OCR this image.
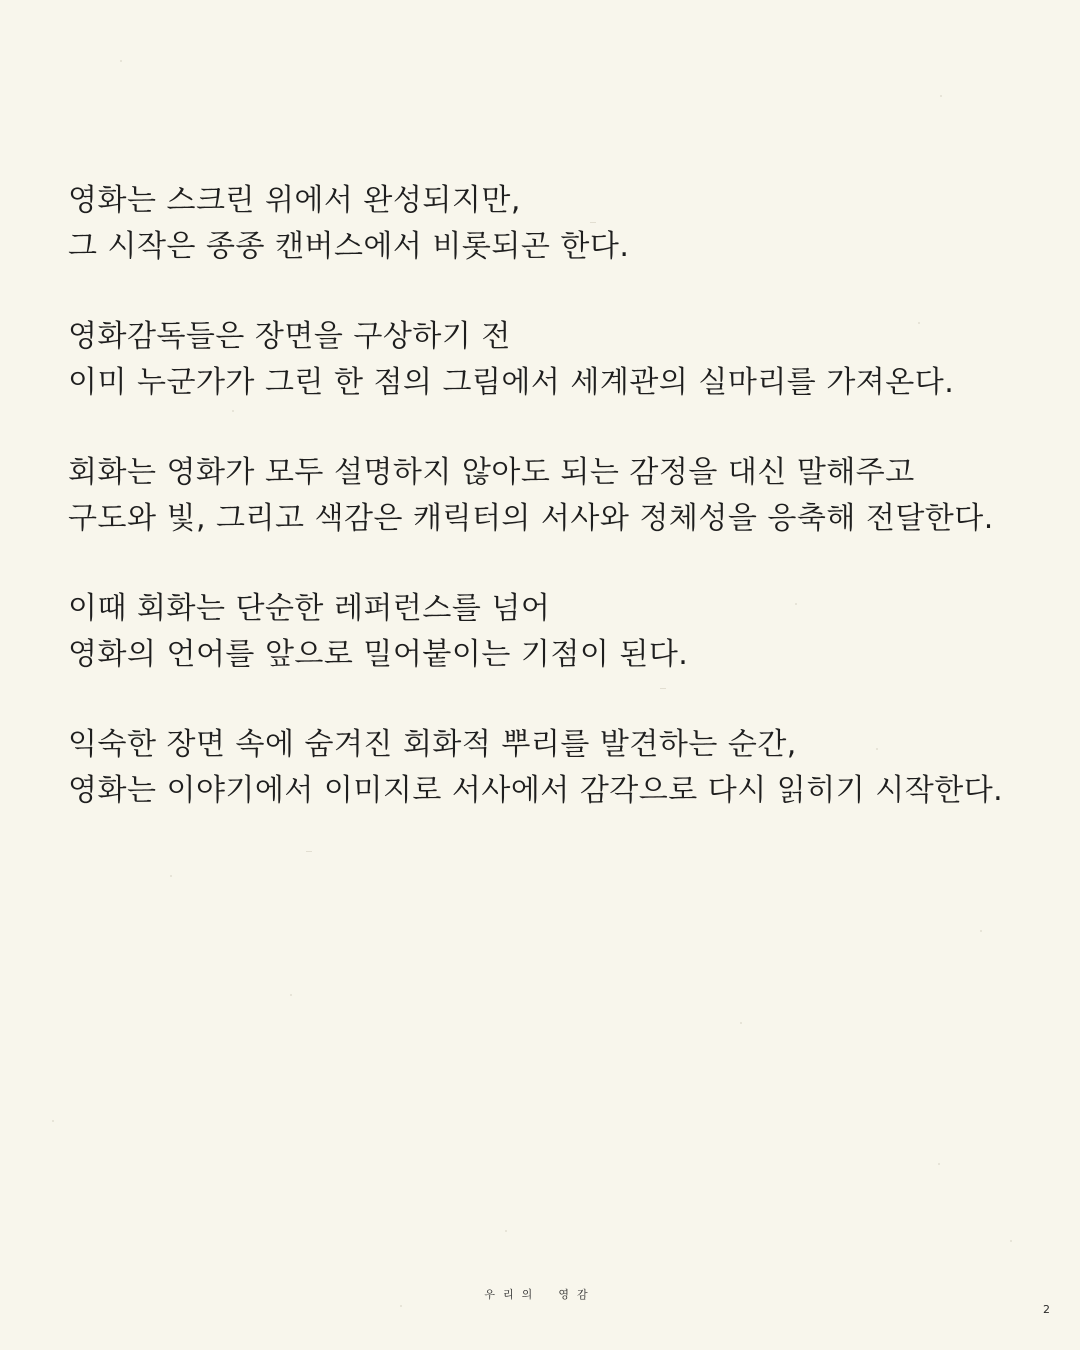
영화는 스크린 위에서 완성되지만,
그 시작은 종종 캔버스에서 비롯되곤 한다.
영화감독들은 장면을 구상하기 전
이미 누군가가 그린 한 점의 그림에서 세계관의 실마리를 가져온다.
회화는 영화가 모두 설명하지 않아도 되는 감정을 대신 말해주고
구도와 빛, 그리고 색감은 캐릭터의 서사와 정체성을 응축해 전달한다.
이때 회화는 단순한 레퍼런스를 넘어
영화의 언어를 앞으로 밀어붙이는 기점이 된다.
익숙한 장면 속에 숨겨진 회화적 뿌리를 발견하는 순간,
영화는 이야기에서 이미지로 서사에서 감각으로 다시 읽히기 시작한다.
우리의 영감
2
